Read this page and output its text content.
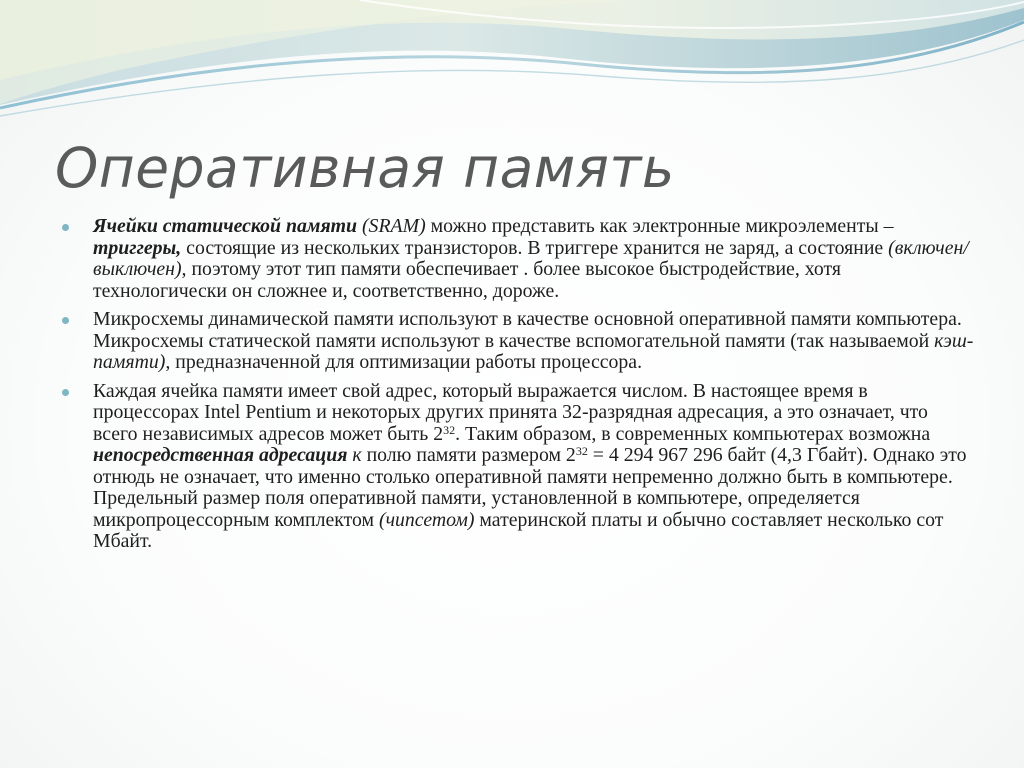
Оперативная память
Ячейки статической памяти (SRAM) можно представить как электронные микроэлементы – триггеры, состоящие из нескольких транзисторов. В триггере хранится не заряд, а состояние (включен/выключен), поэтому этот тип памяти обеспечивает . более высокое быстродействие, хотя технологически он сложнее и, соответственно, дороже.
Микросхемы динамической памяти используют в качестве основной оперативной памяти компьютера. Микросхемы статической памяти используют в качестве вспомогательной памяти (так называемой кэш-памяти), предназначенной для оптимизации работы процессора.
Каждая ячейка памяти имеет свой адрес, который выражается числом. В настоящее время в процессорах Intel Pentium и некоторых других принята 32-разрядная адресация, а это означает, что всего независимых адресов может быть $2^{32}$. Таким образом, в современных компьютерах возможна непосредственная адресация к полю памяти размером $2^{32} = 4$ 294 967 296 байт (4,3 Гбайт). Однако это отнюдь не означает, что именно столько оперативной памяти непременно должно быть в компьютере. Предельный размер поля оперативной памяти, установленной в компьютере, определяется микропроцессорным комплектом (чипсетом) материнской платы и обычно составляет несколько сот Мбайт.
